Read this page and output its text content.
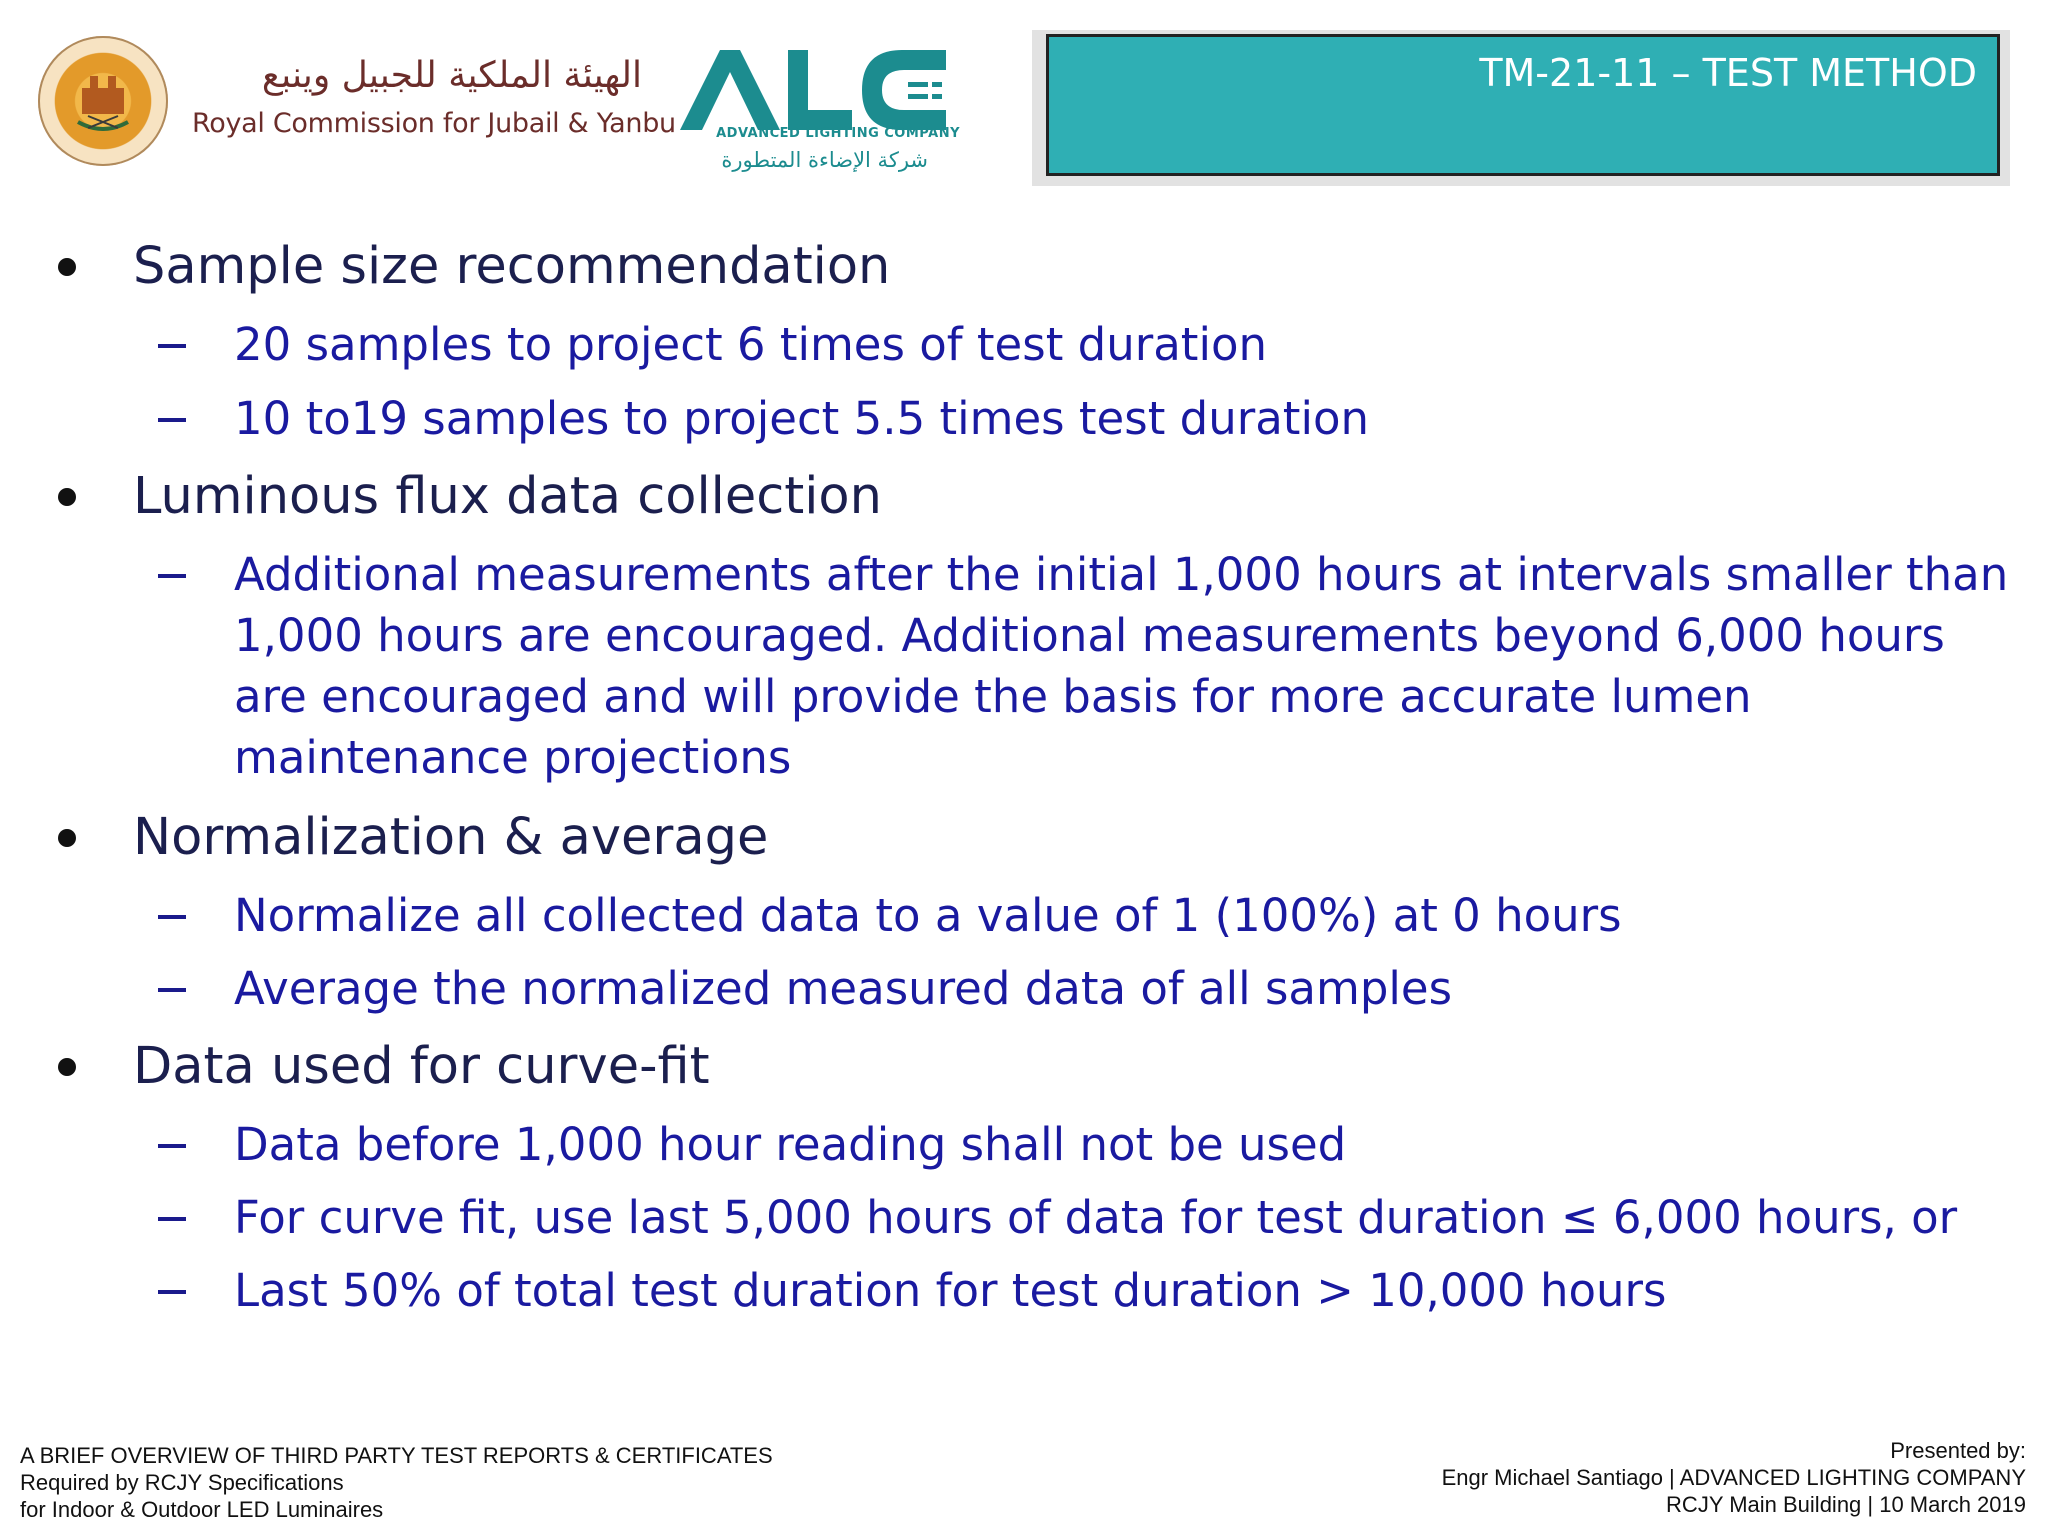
الهيئة الملكية للجبيل وينبع
Royal Commission for Jubail & Yanbu	ADVANCED LIGHTING COMPANY
شركة الإضاءة المتطورة
TM-21-11 – TEST METHOD
Sample size recommendation
20 samples to project 6 times of test duration
10 to19 samples to project 5.5 times test duration
Luminous flux data collection
Additional measurements after the initial 1,000 hours at intervals smaller than
1,000 hours are encouraged. Additional measurements beyond 6,000 hours
are encouraged and will provide the basis for more accurate lumen
maintenance projections
Normalization & average
Normalize all collected data to a value of 1 (100%) at 0 hours
Average the normalized measured data of all samples
Data used for curve-fit
Data before 1,000 hour reading shall not be used
For curve fit, use last 5,000 hours of data for test duration ≤ 6,000 hours, or
Last 50% of total test duration for test duration > 10,000 hours
A BRIEF OVERVIEW OF THIRD PARTY TEST REPORTS & CERTIFICATES
Required by RCJY Specifications
for Indoor & Outdoor LED Luminaires
Presented by:
Engr Michael Santiago | ADVANCED LIGHTING COMPANY
RCJY Main Building | 10 March 2019
